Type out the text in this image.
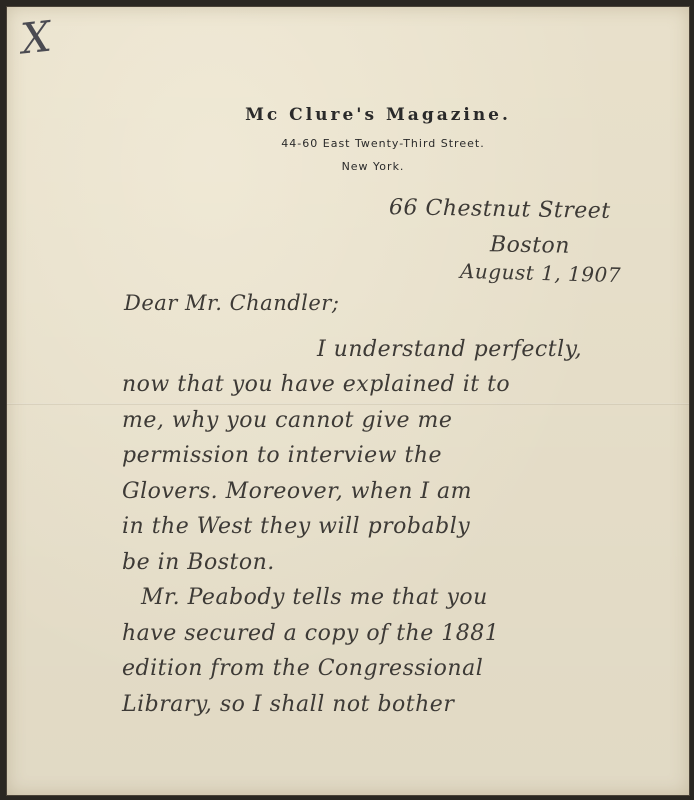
X
Mc Clure's Magazine.
44-60 East Twenty-Third Street.
New York.
66 Chestnut Street
Boston
August 1, 1907
Dear Mr. Chandler;
I understand perfectly,
now that you have explained it to
me, why you cannot give me
permission to interview the
Glovers. Moreover, when I am
in the West they will probably
be in Boston.
Mr. Peabody tells me that you
have secured a copy of the 1881
edition from the Congressional
Library, so I shall not bother
